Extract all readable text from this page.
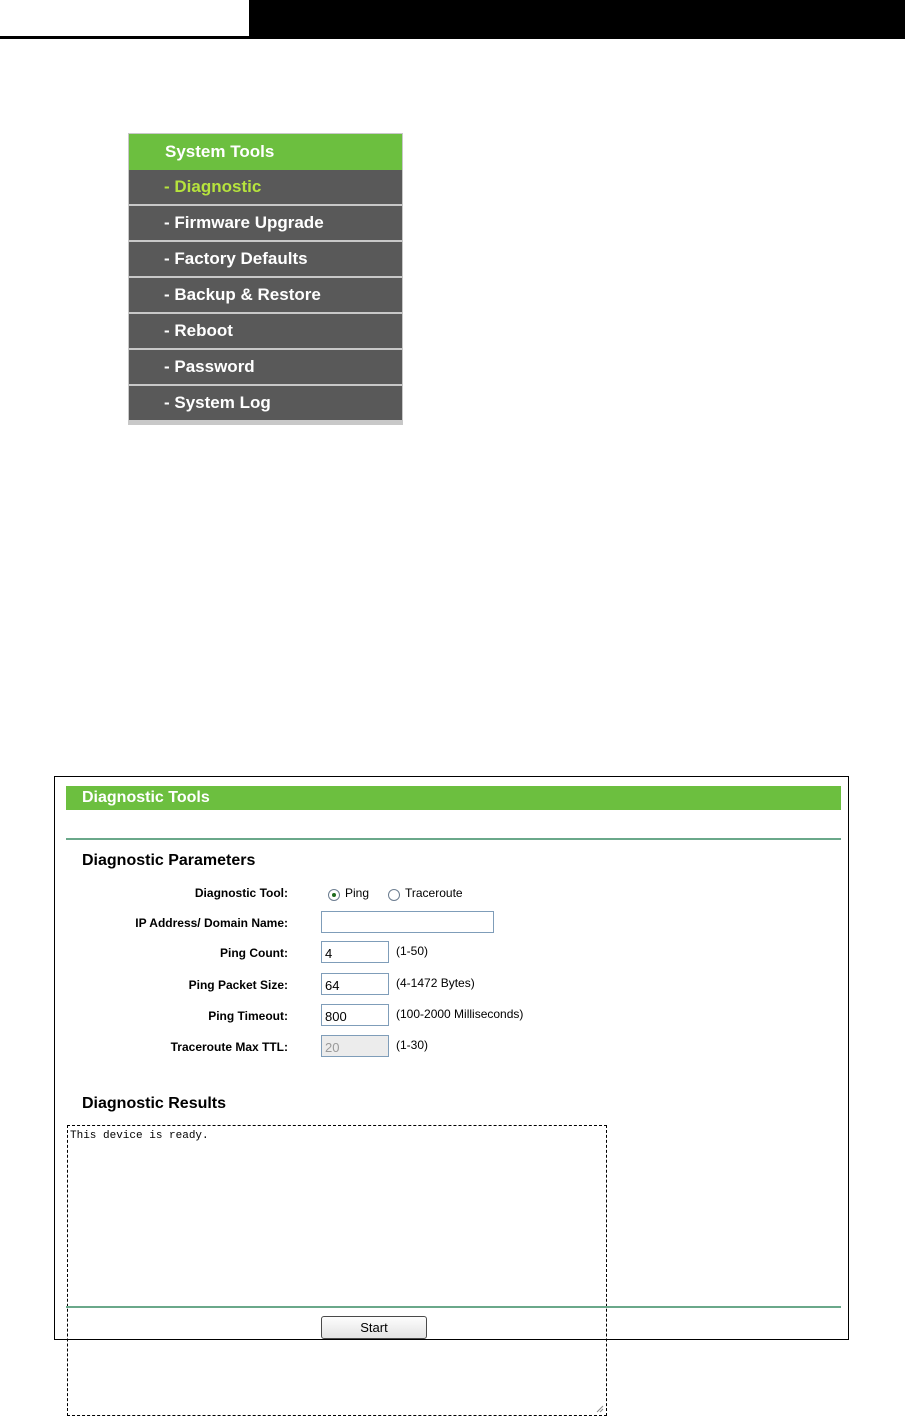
System Tools
- Diagnostic
- Firmware Upgrade
- Factory Defaults
- Backup & Restore
- Reboot
- Password
- System Log
Diagnostic Tools
Diagnostic Parameters
Diagnostic Tool:	Ping	Traceroute
IP Address/ Domain Name:
Ping Count:	4	(1-50)
Ping Packet Size:	64	(4-1472 Bytes)
Ping Timeout:	800	(100-2000 Milliseconds)
Traceroute Max TTL:	20	(1-30)
Diagnostic Results
This device is ready.
Start
